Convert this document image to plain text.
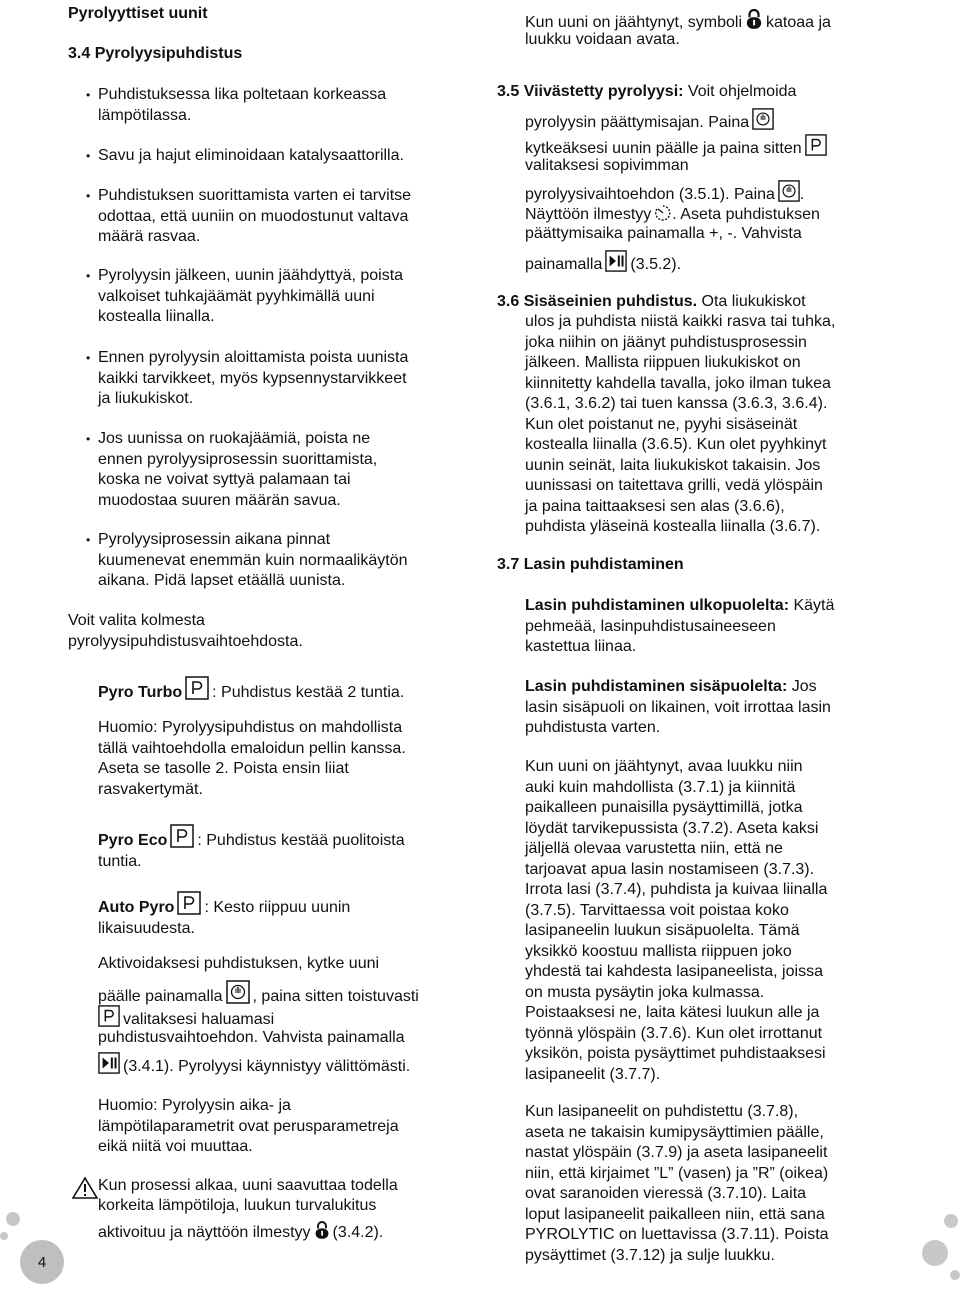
Pyrolyyttiset uunit

3.4 Pyrolyysipuhdistus

• Puhdistuksessa lika poltetaan korkeassa
lämpötilassa.
• Savu ja hajut eliminoidaan katalysaattorilla.
• Puhdistuksen suorittamista varten ei tarvitse
odottaa, että uuniin on muodostunut valtava
määrä rasvaa.
• Pyrolyysin jälkeen, uunin jäähdyttyä, poista
valkoiset tuhkajäämät pyyhkimällä uuni
kostealla liinalla.
• Ennen pyrolyysin aloittamista poista uunista
kaikki tarvikkeet, myös kypsennystarvikkeet
ja liukukiskot.
• Jos uunissa on ruokajäämiä, poista ne
ennen pyrolyysiprosessin suorittamista,
koska ne voivat syttyä palamaan tai
muodostaa suuren määrän savua.
• Pyrolyysiprosessin aikana pinnat
kuumenevat enemmän kuin normaalikäytön
aikana. Pidä lapset etäällä uunista.

Voit valita kolmesta
pyrolyysipuhdistusvaihtoehdosta.

Pyro Turbo : Puhdistus kestää 2 tuntia.

Huomio: Pyrolyysipuhdistus on mahdollista
tällä vaihtoehdolla emaloidun pellin kanssa.
Aseta se tasolle 2. Poista ensin liiat
rasvakertymät.

Pyro Eco : Puhdistus kestää puolitoista
tuntia.

Auto Pyro : Kesto riippuu uunin
likaisuudesta.

Aktivoidaksesi puhdistuksen, kytke uuni

päälle painamalla , paina sitten toistuvasti

valitaksesi haluamasi

puhdistusvaihtoehdon. Vahvista painamalla

(3.4.1). Pyrolyysi käynnistyy välittömästi.

Huomio: Pyrolyysin aika- ja
lämpötilaparametrit ovat perusparametreja
eikä niitä voi muuttaa.

Kun prosessi alkaa, uuni saavuttaa todella

korkeita lämpötiloja, luukun turvalukitus

aktivoituu ja näyttöön ilmestyy (3.4.2).

Kun uuni on jäähtynyt, symboli katoaa ja

luukku voidaan avata.

3.5 Viivästetty pyrolyysi: Voit ohjelmoida

pyrolyysin päättymisajan. Paina

kytkeäksesi uunin päälle ja paina sitten

valitaksesi sopivimman

pyrolyysivaihtoehdon (3.5.1). Paina .

Näyttöön ilmestyy . Aseta puhdistuksen

päättymisaika painamalla +, -. Vahvista

painamalla (3.5.2).

3.6 Sisäseinien puhdistus. Ota liukukiskot

ulos ja puhdista niistä kaikki rasva tai tuhka,
joka niihin on jäänyt puhdistusprosessin
jälkeen. Mallista riippuen liukukiskot on
kiinnitetty kahdella tavalla, joko ilman tukea
(3.6.1, 3.6.2) tai tuen kanssa (3.6.3, 3.6.4).
Kun olet poistanut ne, pyyhi sisäseinät
kostealla liinalla (3.6.5). Kun olet pyyhkinyt
uunin seinät, laita liukukiskot takaisin. Jos
uunissasi on taitettava grilli, vedä ylöspäin
ja paina taittaaksesi sen alas (3.6.6),
puhdista yläseinä kostealla liinalla (3.6.7).

3.7 Lasin puhdistaminen

Lasin puhdistaminen ulkopuolelta: Käytä
pehmeää, lasinpuhdistusaineeseen
kastettua liinaa.
Lasin puhdistaminen sisäpuolelta: Jos
lasin sisäpuoli on likainen, voit irrottaa lasin
puhdistusta varten.
Kun uuni on jäähtynyt, avaa luukku niin
auki kuin mahdollista (3.7.1) ja kiinnitä
paikalleen punaisilla pysäyttimillä, jotka
löydät tarvikepussista (3.7.2). Aseta kaksi
jäljellä olevaa varustetta niin, että ne
tarjoavat apua lasin nostamiseen (3.7.3).
Irrota lasi (3.7.4), puhdista ja kuivaa liinalla
(3.7.5). Tarvittaessa voit poistaa koko
lasipaneelin luukun sisäpuolelta. Tämä
yksikkö koostuu mallista riippuen joko
yhdestä tai kahdesta lasipaneelista, joissa
on musta pysäytin joka kulmassa.
Poistaaksesi ne, laita kätesi luukun alle ja
työnnä ylöspäin (3.7.6). Kun olet irrottanut
yksikön, poista pysäyttimet puhdistaaksesi
lasipaneelit (3.7.7).
Kun lasipaneelit on puhdistettu (3.7.8),
aseta ne takaisin kumipysäyttimien päälle,
nastat ylöspäin (3.7.9) ja aseta lasipaneelit
niin, että kirjaimet ”L” (vasen) ja ”R” (oikea)
ovat saranoiden vieressä (3.7.10). Laita
loput lasipaneelit paikalleen niin, että sana
PYROLYTIC on luettavissa (3.7.11). Poista
pysäyttimet (3.7.12) ja sulje luukku.
4
